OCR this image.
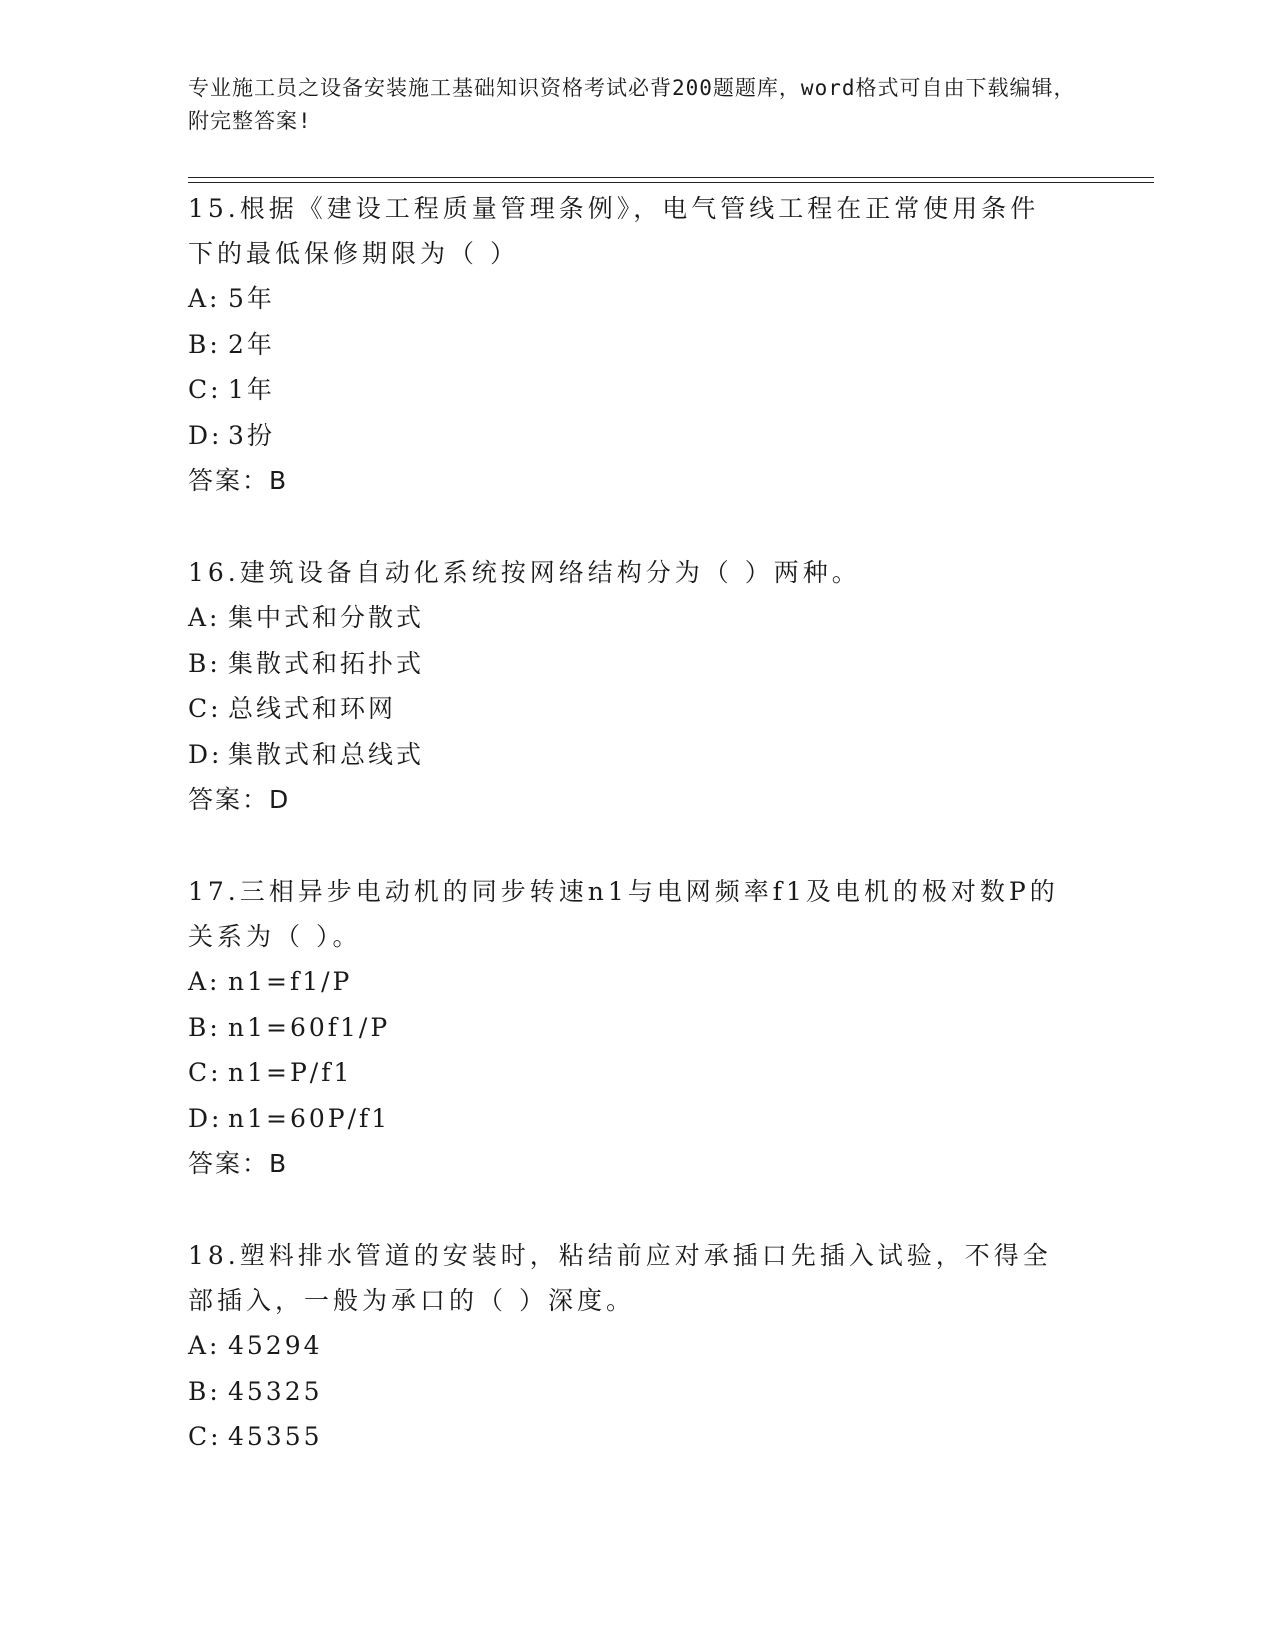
专业施工员之设备安装施工基础知识资格考试必背200题题库，word格式可自由下载编辑，附完整答案!

15.根据《建设工程质量管理条例》，电气管线工程在正常使用条件下的最低保修期限为（ ）

A: 5年
B: 2年
C: 1年
D: 3扮
答案：B

16.建筑设备自动化系统按网络结构分为（ ）两种。

A: 集中式和分散式
B: 集散式和拓扑式
C: 总线式和环网
D: 集散式和总线式
答案：D

17.三相异步电动机的同步转速n1与电网频率f1及电机的极对数P的关系为（ ）。

A: n1=f1/P
B: n1=60f1/P
C: n1=P/f1
D: n1=60P/f1
答案：B

18.塑料排水管道的安装时，粘结前应对承插口先插入试验，不得全部插入，一般为承口的（ ）深度。

A: 45294
B: 45325
C: 45355
